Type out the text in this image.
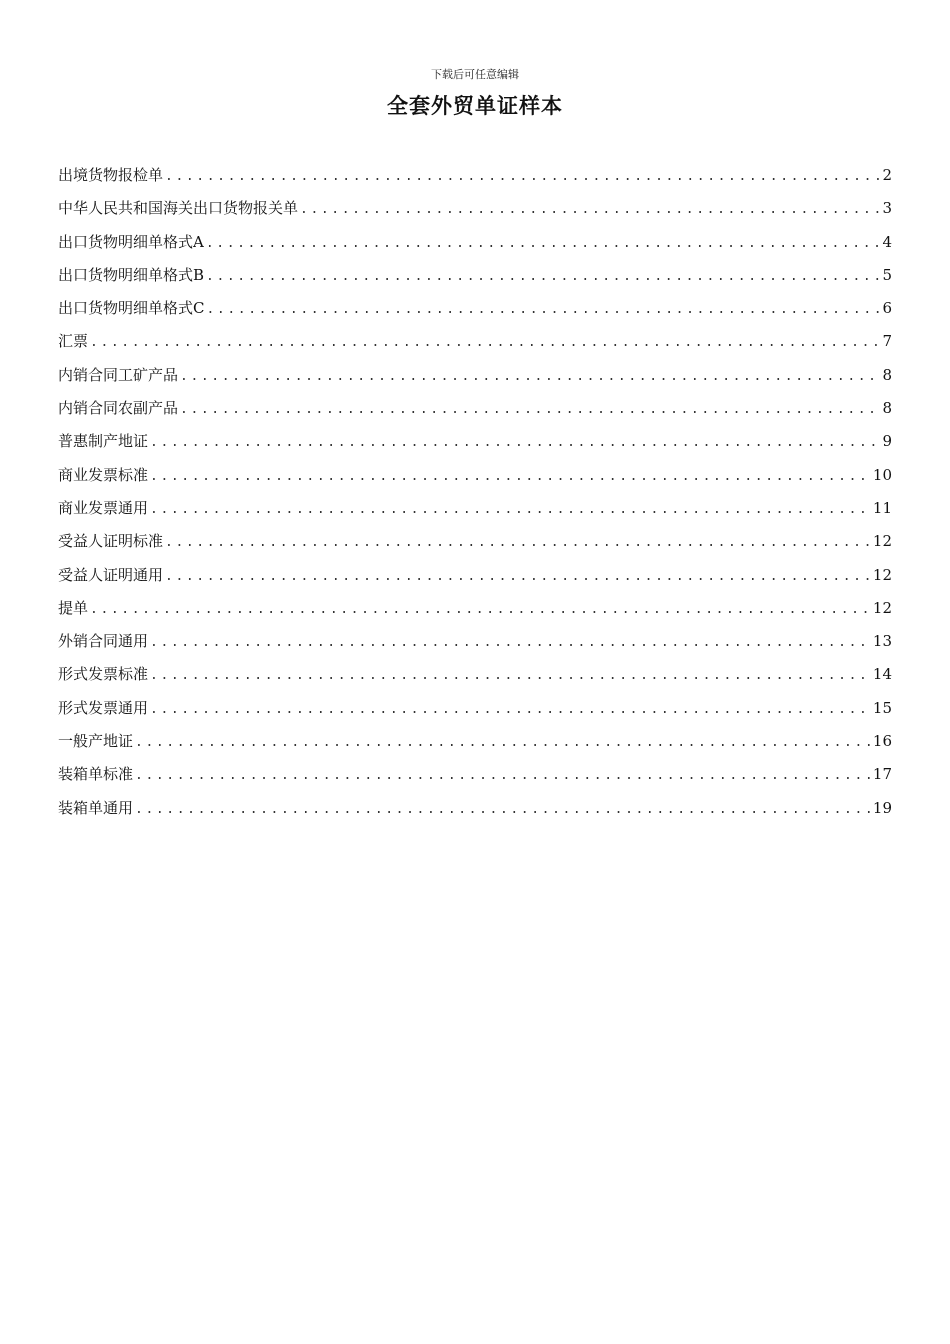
下载后可任意编辑
全套外贸单证样本
出境货物报检单 .....	2
中华人民共和国海关出口货物报关单 .....	3
出口货物明细单格式A .....	4
出口货物明细单格式B .....	5
出口货物明细单格式C .....	6
汇票 .....	7
内销合同工矿产品 .....	8
内销合同农副产品 .....	8
普惠制产地证 .....	9
商业发票标准 .....	10
商业发票通用 .....	11
受益人证明标准 .....	12
受益人证明通用 .....	12
提单 .....	12
外销合同通用 .....	13
形式发票标准 .....	14
形式发票通用 .....	15
一般产地证 .....	16
装箱单标准 .....	17
装箱单通用 .....	19
